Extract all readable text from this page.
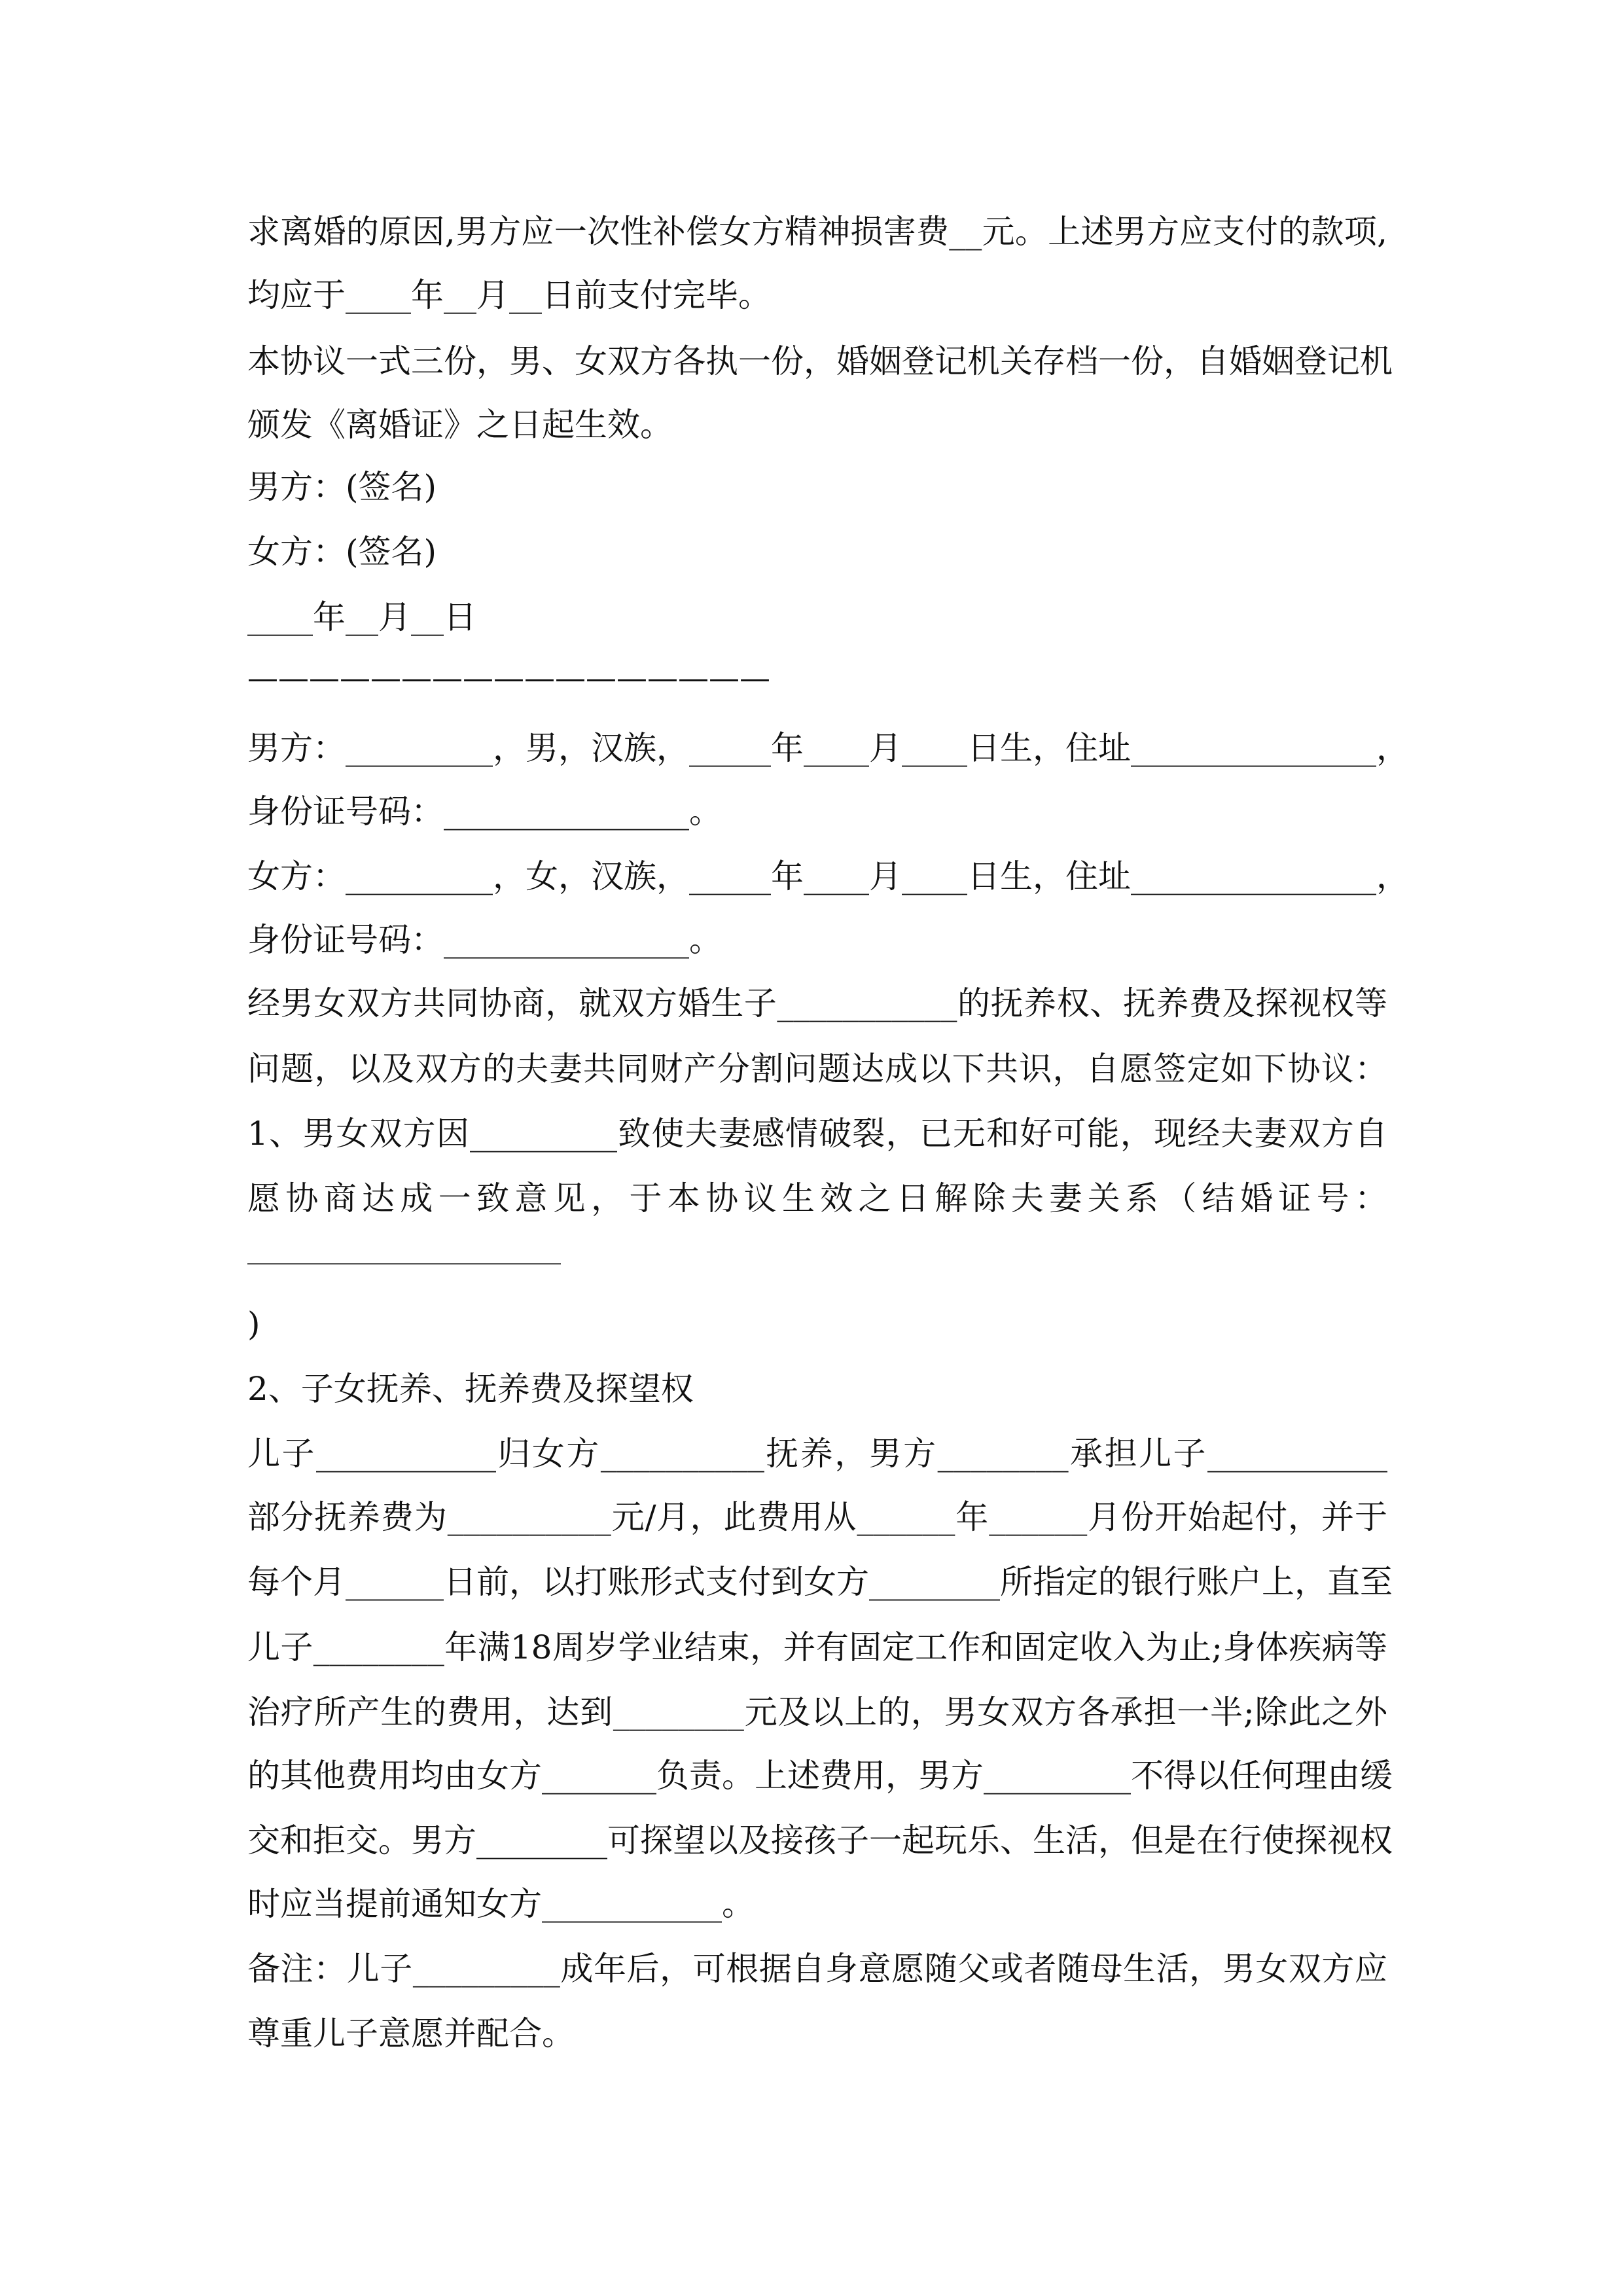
求离婚的原因,男方应一次性补偿女方精神损害费__元。上述男方应支付的款项,
均应于____年__月__日前支付完毕。
本协议一式三份，男、女双方各执一份，婚姻登记机关存档一份，自婚姻登记机
颁发《离婚证》之日起生效。
男方：(签名)
女方：(签名)
____年__月__日
—————————————————
男方：_________，男，汉族，_____年____月____日生，住址_______________，
身份证号码：_______________。
女方：_________，女，汉族，_____年____月____日生，住址_______________，
身份证号码：_______________。
经男女双方共同协商，就双方婚生子___________的抚养权、抚养费及探视权等
问题，以及双方的夫妻共同财产分割问题达成以下共识，自愿签定如下协议：
1、男女双方因_________致使夫妻感情破裂，已无和好可能，现经夫妻双方自
愿协商达成一致意见，于本协议生效之日解除夫妻关系（结婚证号：
)
2、子女抚养、抚养费及探望权
儿子___________归女方__________抚养，男方________承担儿子___________
部分抚养费为__________元/月，此费用从______年______月份开始起付，并于
每个月______日前，以打账形式支付到女方________所指定的银行账户上，直至
儿子________年满18周岁学业结束，并有固定工作和固定收入为止;身体疾病等
治疗所产生的费用，达到________元及以上的，男女双方各承担一半;除此之外
的其他费用均由女方_______负责。上述费用，男方_________不得以任何理由缓
交和拒交。男方________可探望以及接孩子一起玩乐、生活，但是在行使探视权
时应当提前通知女方___________。
备注：儿子_________成年后，可根据自身意愿随父或者随母生活，男女双方应
尊重儿子意愿并配合。
